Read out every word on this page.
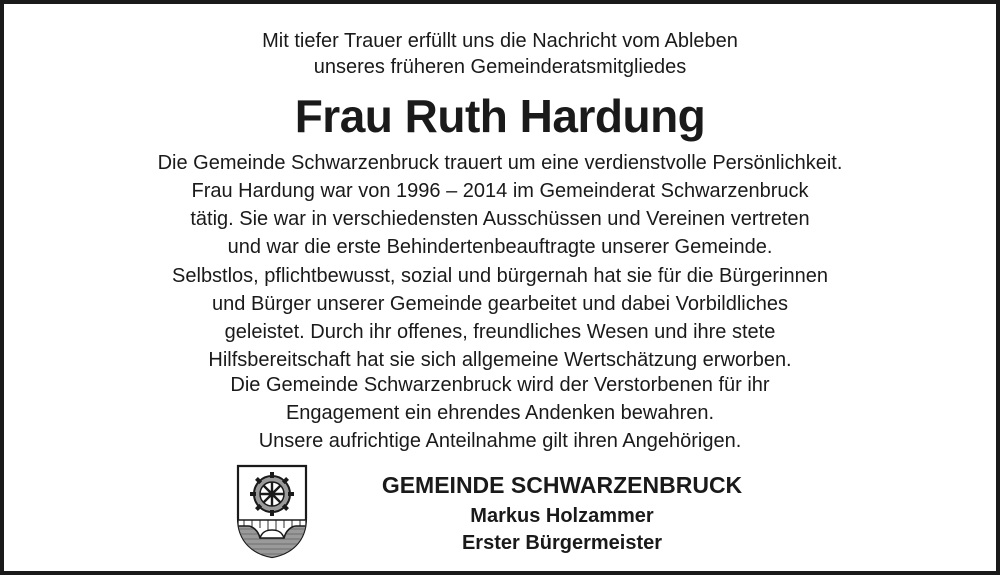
Mit tiefer Trauer erfüllt uns die Nachricht vom Ableben
unseres früheren Gemeinderatsmitgliedes
Frau Ruth Hardung
Die Gemeinde Schwarzenbruck trauert um eine verdienstvolle Persönlichkeit.
Frau Hardung war von 1996 – 2014 im Gemeinderat Schwarzenbruck
tätig. Sie war in verschiedensten Ausschüssen und Vereinen vertreten
und war die erste Behindertenbeauftragte unserer Gemeinde.
Selbstlos, pflichtbewusst, sozial und bürgernah hat sie für die Bürgerinnen
und Bürger unserer Gemeinde gearbeitet und dabei Vorbildliches
geleistet. Durch ihr offenes, freundliches Wesen und ihre stete
Hilfsbereitschaft hat sie sich allgemeine Wertschätzung erworben.
Die Gemeinde Schwarzenbruck wird der Verstorbenen für ihr
Engagement ein ehrendes Andenken bewahren.
Unsere aufrichtige Anteilnahme gilt ihren Angehörigen.
GEMEINDE SCHWARZENBRUCK
Markus Holzammer
Erster Bürgermeister
